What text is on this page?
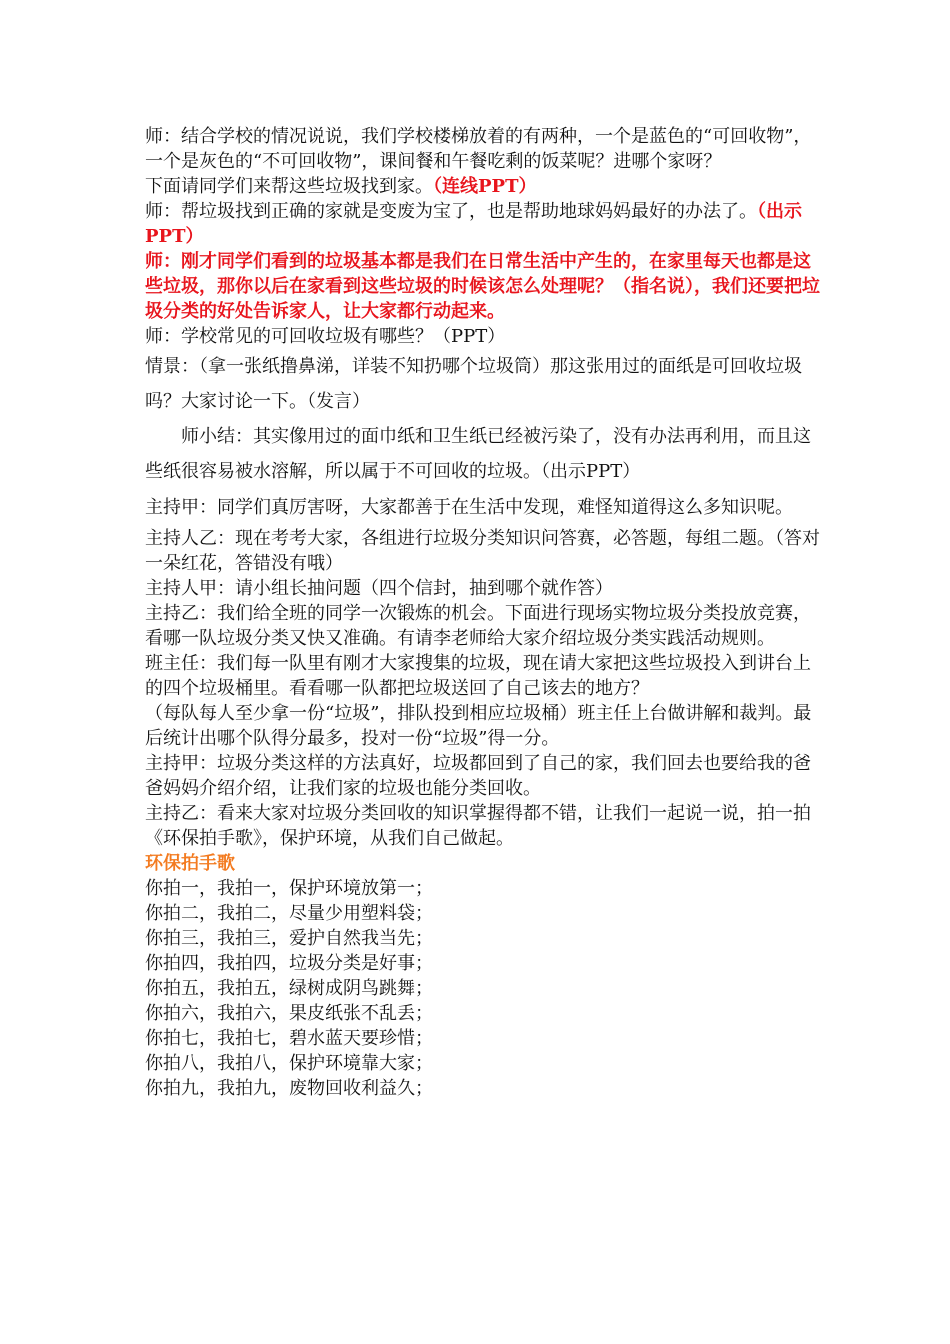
师：结合学校的情况说说，我们学校楼梯放着的有两种，一个是蓝色的“可回收物”，一个是灰色的“不可回收物”，课间餐和午餐吃剩的饭菜呢？进哪个家呀？

下面请同学们来帮这些垃圾找到家。（连线PPT）

师：帮垃圾找到正确的家就是变废为宝了，也是帮助地球妈妈最好的办法了。（出示PPT）

师：刚才同学们看到的垃圾基本都是我们在日常生活中产生的，在家里每天也都是这些垃圾，那你以后在家看到这些垃圾的时候该怎么处理呢？（指名说），我们还要把垃圾分类的好处告诉家人，让大家都行动起来。

师：学校常见的可回收垃圾有哪些？（PPT）

情景：（拿一张纸撸鼻涕，详装不知扔哪个垃圾筒）那这张用过的面纸是可回收垃圾吗？大家讨论一下。（发言）

师小结：其实像用过的面巾纸和卫生纸已经被污染了，没有办法再利用，而且这些纸很容易被水溶解，所以属于不可回收的垃圾。（出示PPT）

主持甲：同学们真厉害呀，大家都善于在生活中发现，难怪知道得这么多知识呢。

主持人乙：现在考考大家，各组进行垃圾分类知识问答赛，必答题，每组二题。（答对一朵红花，答错没有哦）

主持人甲：请小组长抽问题（四个信封，抽到哪个就作答）

主持乙：我们给全班的同学一次锻炼的机会。下面进行现场实物垃圾分类投放竞赛，看哪一队垃圾分类又快又准确。有请李老师给大家介绍垃圾分类实践活动规则。

班主任：我们每一队里有刚才大家搜集的垃圾，现在请大家把这些垃圾投入到讲台上的四个垃圾桶里。看看哪一队都把垃圾送回了自己该去的地方？

（每队每人至少拿一份“垃圾”，排队投到相应垃圾桶）班主任上台做讲解和裁判。最后统计出哪个队得分最多，投对一份“垃圾”得一分。

主持甲：垃圾分类这样的方法真好，垃圾都回到了自己的家，我们回去也要给我的爸爸妈妈介绍介绍，让我们家的垃圾也能分类回收。

主持乙：看来大家对垃圾分类回收的知识掌握得都不错，让我们一起说一说，拍一拍《环保拍手歌》，保护环境，从我们自己做起。

环保拍手歌

你拍一，我拍一，保护环境放第一；

你拍二，我拍二，尽量少用塑料袋；

你拍三，我拍三，爱护自然我当先；

你拍四，我拍四，垃圾分类是好事；

你拍五，我拍五，绿树成阴鸟跳舞；

你拍六，我拍六，果皮纸张不乱丢；

你拍七，我拍七，碧水蓝天要珍惜；

你拍八，我拍八，保护环境靠大家；

你拍九，我拍九，废物回收利益久；
